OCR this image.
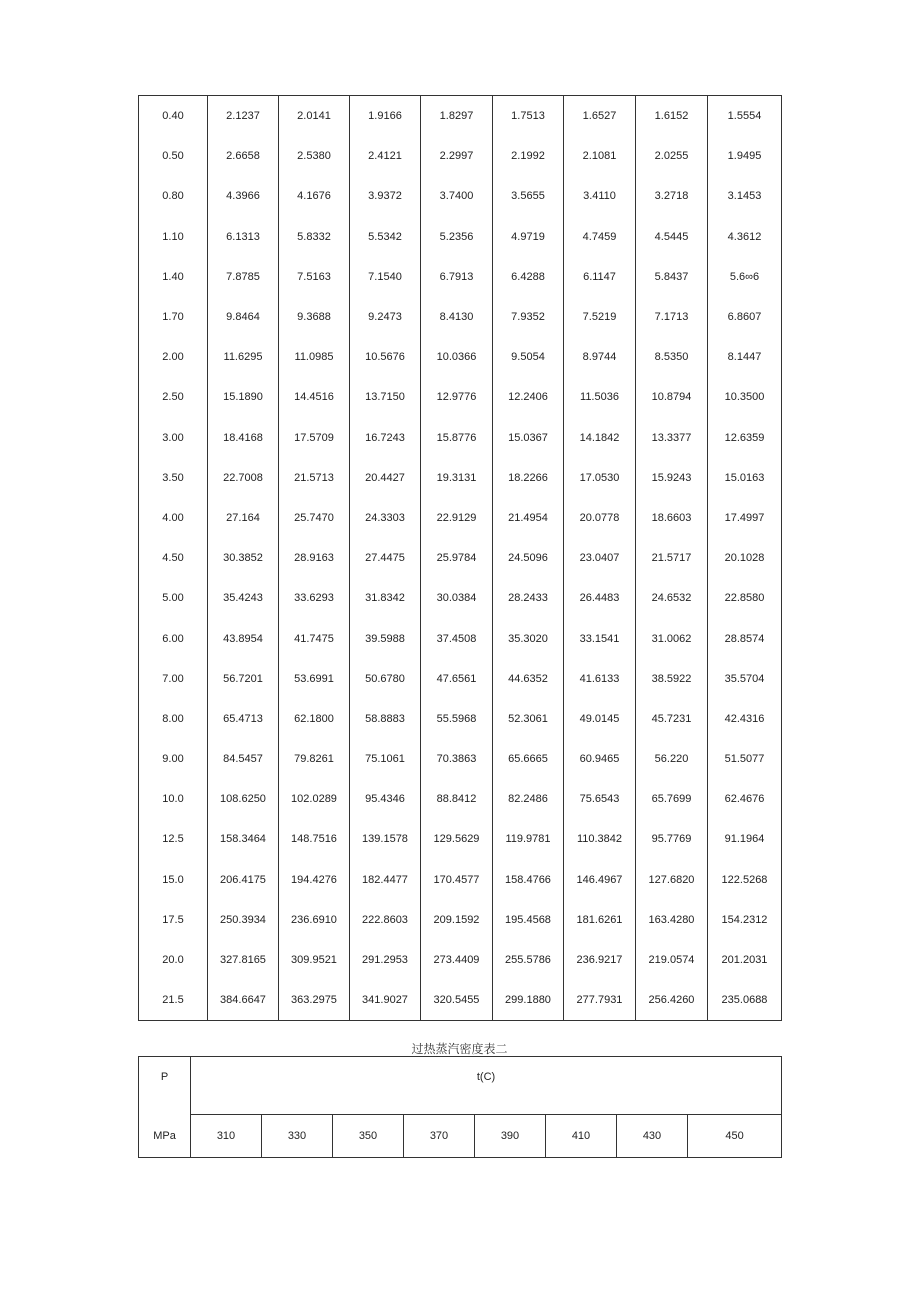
0.40	2.1237	2.0141	1.9166	1.8297	1.7513	1.6527	1.6152	1.5554
0.50	2.6658	2.5380	2.4121	2.2997	2.1992	2.1081	2.0255	1.9495
0.80	4.3966	4.1676	3.9372	3.7400	3.5655	3.4110	3.2718	3.1453
1.10	6.1313	5.8332	5.5342	5.2356	4.9719	4.7459	4.5445	4.3612
1.40	7.8785	7.5163	7.1540	6.7913	6.4288	6.1147	5.8437	5.6∞6
1.70	9.8464	9.3688	9.2473	8.4130	7.9352	7.5219	7.1713	6.8607
2.00	11.6295	11.0985	10.5676	10.0366	9.5054	8.9744	8.5350	8.1447
2.50	15.1890	14.4516	13.7150	12.9776	12.2406	11.5036	10.8794	10.3500
3.00	18.4168	17.5709	16.7243	15.8776	15.0367	14.1842	13.3377	12.6359
3.50	22.7008	21.5713	20.4427	19.3131	18.2266	17.0530	15.9243	15.0163
4.00	27.164	25.7470	24.3303	22.9129	21.4954	20.0778	18.6603	17.4997
4.50	30.3852	28.9163	27.4475	25.9784	24.5096	23.0407	21.5717	20.1028
5.00	35.4243	33.6293	31.8342	30.0384	28.2433	26.4483	24.6532	22.8580
6.00	43.8954	41.7475	39.5988	37.4508	35.3020	33.1541	31.0062	28.8574
7.00	56.7201	53.6991	50.6780	47.6561	44.6352	41.6133	38.5922	35.5704
8.00	65.4713	62.1800	58.8883	55.5968	52.3061	49.0145	45.7231	42.4316
9.00	84.5457	79.8261	75.1061	70.3863	65.6665	60.9465	56.220	51.5077
10.0	108.6250	102.0289	95.4346	88.8412	82.2486	75.6543	65.7699	62.4676
12.5	158.3464	148.7516	139.1578	129.5629	119.9781	110.3842	95.7769	91.1964
15.0	206.4175	194.4276	182.4477	170.4577	158.4766	146.4967	127.6820	122.5268
17.5	250.3934	236.6910	222.8603	209.1592	195.4568	181.6261	163.4280	154.2312
20.0	327.8165	309.9521	291.2953	273.4409	255.5786	236.9217	219.0574	201.2031
21.5	384.6647	363.2975	341.9027	320.5455	299.1880	277.7931	256.4260	235.0688
过热蒸汽密度表二
P	t(C)							
MPa	310	330	350	370	390	410	430	450
